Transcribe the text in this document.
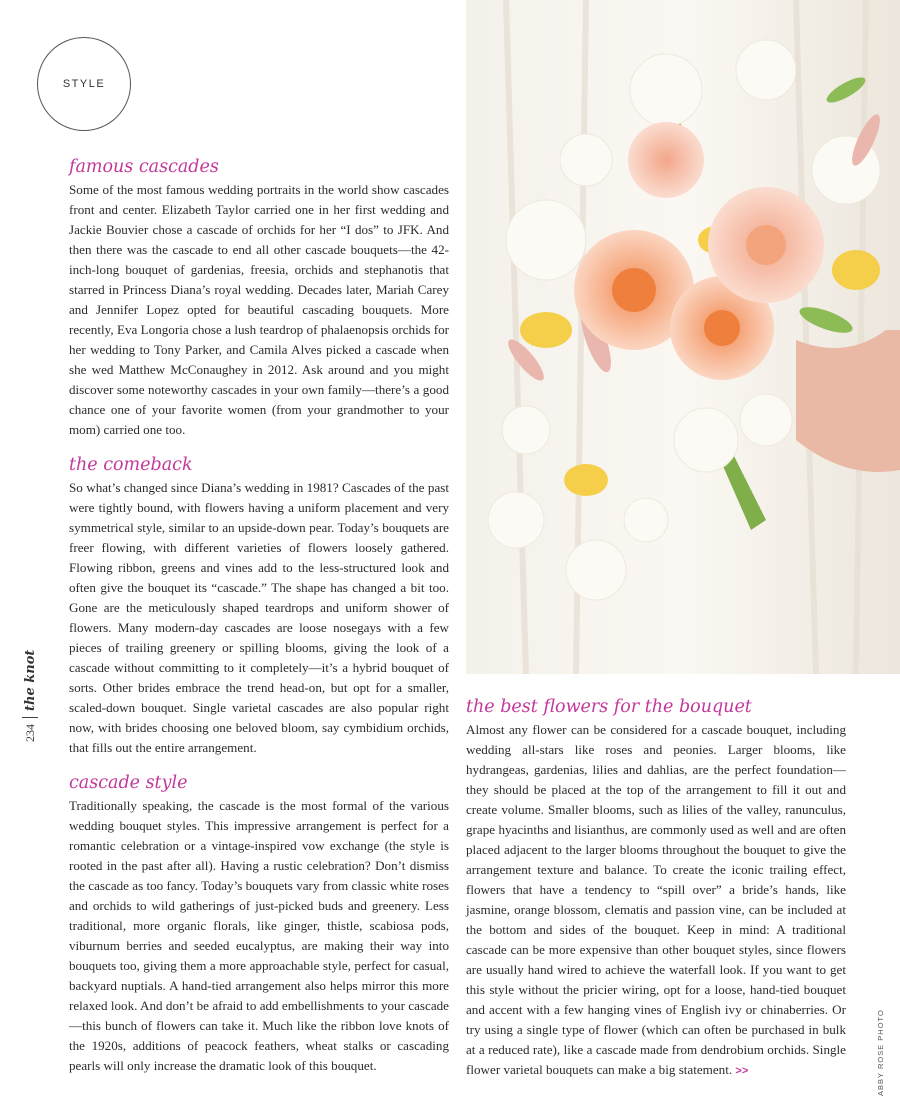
STYLE
ABBY ROSE PHOTO
234
the knot
famous cascades

Some of the most famous wedding portraits in the world show cascades front and center. Elizabeth Taylor carried one in her first wedding and Jackie Bouvier chose a cascade of orchids for her “I dos” to JFK. And then there was the cascade to end all other cascade bouquets—the 42-inch-long bouquet of gardenias, freesia, orchids and stephanotis that starred in Princess Diana’s royal wedding. Decades later, Mariah Carey and Jennifer Lopez opted for beautiful cascading bouquets. More recently, Eva Longoria chose a lush teardrop of phalaenopsis orchids for her wedding to Tony Parker, and Camila Alves picked a cascade when she wed Matthew McConaughey in 2012. Ask around and you might discover some noteworthy cascades in your own family—there’s a good chance one of your favorite women (from your grandmother to your mom) carried one too.

the comeback

So what’s changed since Diana’s wedding in 1981? Cascades of the past were tightly bound, with flowers having a uniform placement and very symmetrical style, similar to an upside-down pear. Today’s bouquets are freer flowing, with different varieties of flowers loosely gathered. Flowing ribbon, greens and vines add to the less-structured look and often give the bouquet its “cascade.” The shape has changed a bit too. Gone are the meticulously shaped teardrops and uniform shower of flowers. Many modern-day cascades are loose nosegays with a few pieces of trailing greenery or spilling blooms, giving the look of a cascade without committing to it completely—it’s a hybrid bouquet of sorts. Other brides embrace the trend head-on, but opt for a smaller, scaled-down bouquet. Single varietal cascades are also popular right now, with brides choosing one beloved bloom, say cymbidium orchids, that fills out the entire arrangement.

cascade style

Traditionally speaking, the cascade is the most formal of the various wedding bouquet styles. This impressive arrangement is perfect for a romantic celebration or a vintage-inspired vow exchange (the style is rooted in the past after all). Having a rustic celebration? Don’t dismiss the cascade as too fancy. Today’s bouquets vary from classic white roses and orchids to wild gatherings of just-picked buds and greenery. Less traditional, more organic florals, like ginger, thistle, scabiosa pods, viburnum berries and seeded eucalyptus, are making their way into bouquets too, giving them a more approachable style, perfect for casual, backyard nuptials. A hand-tied arrangement also helps mirror this more relaxed look. And don’t be afraid to add embellishments to your cascade—this bunch of flowers can take it. Much like the ribbon love knots of the 1920s, additions of peacock feathers, wheat stalks or cascading pearls will only increase the dramatic look of this bouquet.

the best flowers for the bouquet

Almost any flower can be considered for a cascade bouquet, including wedding all-stars like roses and peonies. Larger blooms, like hydrangeas, gardenias, lilies and dahlias, are the perfect foundation—they should be placed at the top of the arrangement to fill it out and create volume. Smaller blooms, such as lilies of the valley, ranunculus, grape hyacinths and lisianthus, are commonly used as well and are often placed adjacent to the larger blooms throughout the bouquet to give the arrangement texture and balance. To create the iconic trailing effect, flowers that have a tendency to “spill over” a bride’s hands, like jasmine, orange blossom, clematis and passion vine, can be included at the bottom and sides of the bouquet. Keep in mind: A traditional cascade can be more expensive than other bouquet styles, since flowers are usually hand wired to achieve the waterfall look. If you want to get this style without the pricier wiring, opt for a loose, hand-tied bouquet and accent with a few hanging vines of English ivy or chinaberries. Or try using a single type of flower (which can often be purchased in bulk at a reduced rate), like a cascade made from dendrobium orchids. Single flower varietal bouquets can make a big statement. >>
